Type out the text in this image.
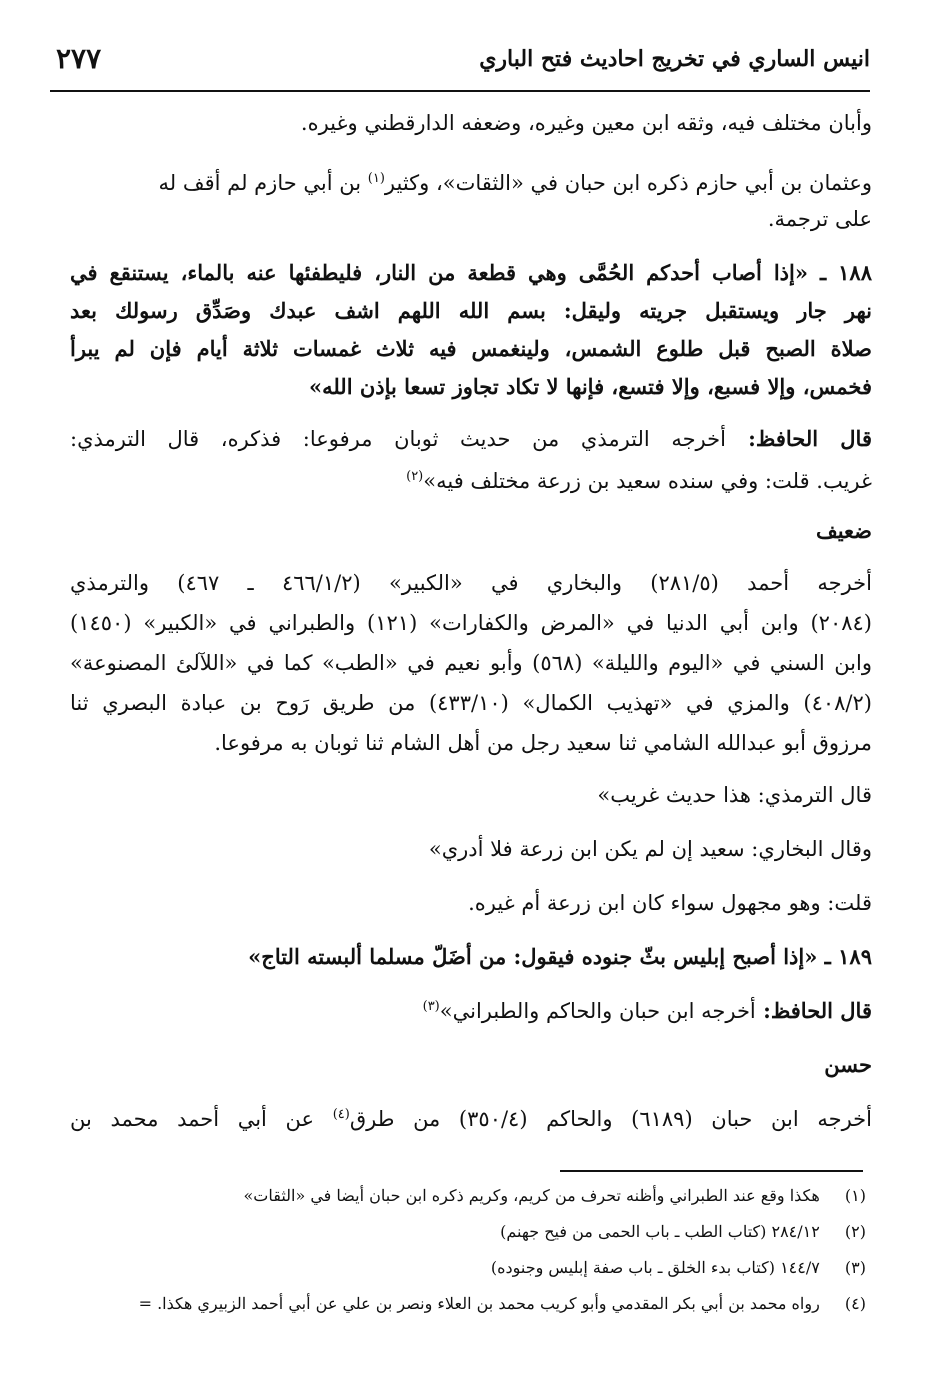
انيس الساري في تخريج احاديث فتح الباري
٢٧٧
وأبان مختلف فيه، وثقه ابن معين وغيره، وضعفه الدارقطني وغيره.
وعثمان بن أبي حازم ذكره ابن حبان في «الثقات»، وكثير$^{(١)}$ بن أبي حازم لم أقف له
على ترجمة.
١٨٨ ـ «إذا أصاب أحدكم الحُمَّى وهي قطعة من النار، فليطفئها عنه بالماء، يستنقع في
نهر جار ويستقبل جريته وليقل: بسم الله اللهم اشف عبدك وصَدِّق رسولك بعد
صلاة الصبح قبل طلوع الشمس، ولينغمس فيه ثلاث غمسات ثلاثة أيام فإن لم يبرأ
فخمس، وإلا فسبع، وإلا فتسع، فإنها لا تكاد تجاوز تسعا بإذن الله»
قال الحافظ: أخرجه الترمذي من حديث ثوبان مرفوعا: فذكره، قال الترمذي:
غريب. قلت: وفي سنده سعيد بن زرعة مختلف فيه»$^{(٢)}$
ضعيف
أخرجه أحمد (٢٨١/٥) والبخاري في «الكبير» (٤٦٦/١/٢ ـ ٤٦٧) والترمذي
(٢٠٨٤) وابن أبي الدنيا في «المرض والكفارات» (١٢١) والطبراني في «الكبير» (١٤٥٠)
وابن السني في «اليوم والليلة» (٥٦٨) وأبو نعيم في «الطب» كما في «اللآلئ المصنوعة»
(٤٠٨/٢) والمزي في «تهذيب الكمال» (٤٣٣/١٠) من طريق رَوح بن عبادة البصري ثنا
مرزوق أبو عبدالله الشامي ثنا سعيد رجل من أهل الشام ثنا ثوبان به مرفوعا.
قال الترمذي: هذا حديث غريب»
وقال البخاري: سعيد إن لم يكن ابن زرعة فلا أدري»
قلت: وهو مجهول سواء كان ابن زرعة أم غيره.
١٨٩ ـ «إذا أصبح إبليس بثّ جنوده فيقول: من أضَلّ مسلما ألبسته التاج»
قال الحافظ: أخرجه ابن حبان والحاكم والطبراني»$^{(٣)}$
حسن
أخرجه ابن حبان (٦١٨٩) والحاكم (٣٥٠/٤) من طرق$^{(٤)}$ عن أبي أحمد محمد بن
(١)  هكذا وقع عند الطبراني وأظنه تحرف من كريم، وكريم ذكره ابن حبان أيضا في «الثقات»
(٢)  ٢٨٤/١٢ (كتاب الطب ـ باب الحمى من فيح جهنم)
(٣)  ١٤٤/٧ (كتاب بدء الخلق ـ باب صفة إبليس وجنوده)
(٤)  رواه محمد بن أبي بكر المقدمي وأبو كريب محمد بن العلاء ونصر بن علي عن أبي أحمد الزبيري هكذا. =
